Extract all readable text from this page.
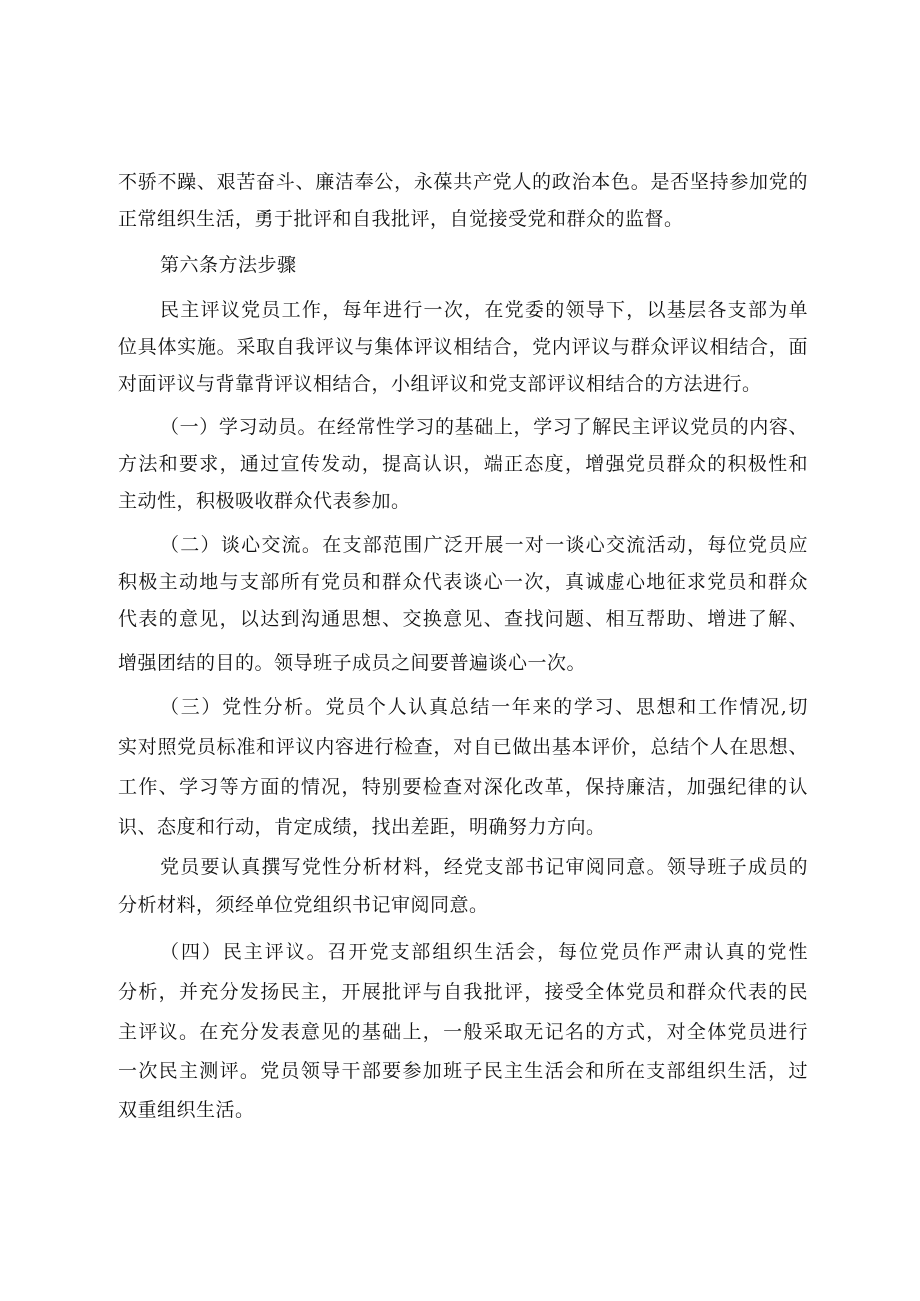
不骄不躁、艰苦奋斗、廉洁奉公，永葆共产党人的政治本色。是否坚持参加党的
正常组织生活，勇于批评和自我批评，自觉接受党和群众的监督。
第六条方法步骤
民主评议党员工作，每年进行一次，在党委的领导下，以基层各支部为单
位具体实施。采取自我评议与集体评议相结合，党内评议与群众评议相结合，面
对面评议与背靠背评议相结合，小组评议和党支部评议相结合的方法进行。
（一）学习动员。在经常性学习的基础上，学习了解民主评议党员的内容、
方法和要求，通过宣传发动，提高认识，端正态度，增强党员群众的积极性和
主动性，积极吸收群众代表参加。
（二）谈心交流。在支部范围广泛开展一对一谈心交流活动，每位党员应
积极主动地与支部所有党员和群众代表谈心一次，真诚虚心地征求党员和群众
代表的意见，以达到沟通思想、交换意见、查找问题、相互帮助、增进了解、
增强团结的目的。领导班子成员之间要普遍谈心一次。
（三）党性分析。党员个人认真总结一年来的学习、思想和工作情况,切
实对照党员标准和评议内容进行检查，对自已做出基本评价，总结个人在思想、
工作、学习等方面的情况，特别要检查对深化改革，保持廉洁，加强纪律的认
识、态度和行动，肯定成绩，找出差距，明确努力方向。
党员要认真撰写党性分析材料，经党支部书记审阅同意。领导班子成员的
分析材料，须经单位党组织书记审阅同意。
（四）民主评议。召开党支部组织生活会，每位党员作严肃认真的党性
分析，并充分发扬民主，开展批评与自我批评，接受全体党员和群众代表的民
主评议。在充分发表意见的基础上，一般采取无记名的方式，对全体党员进行
一次民主测评。党员领导干部要参加班子民主生活会和所在支部组织生活，过
双重组织生活。
